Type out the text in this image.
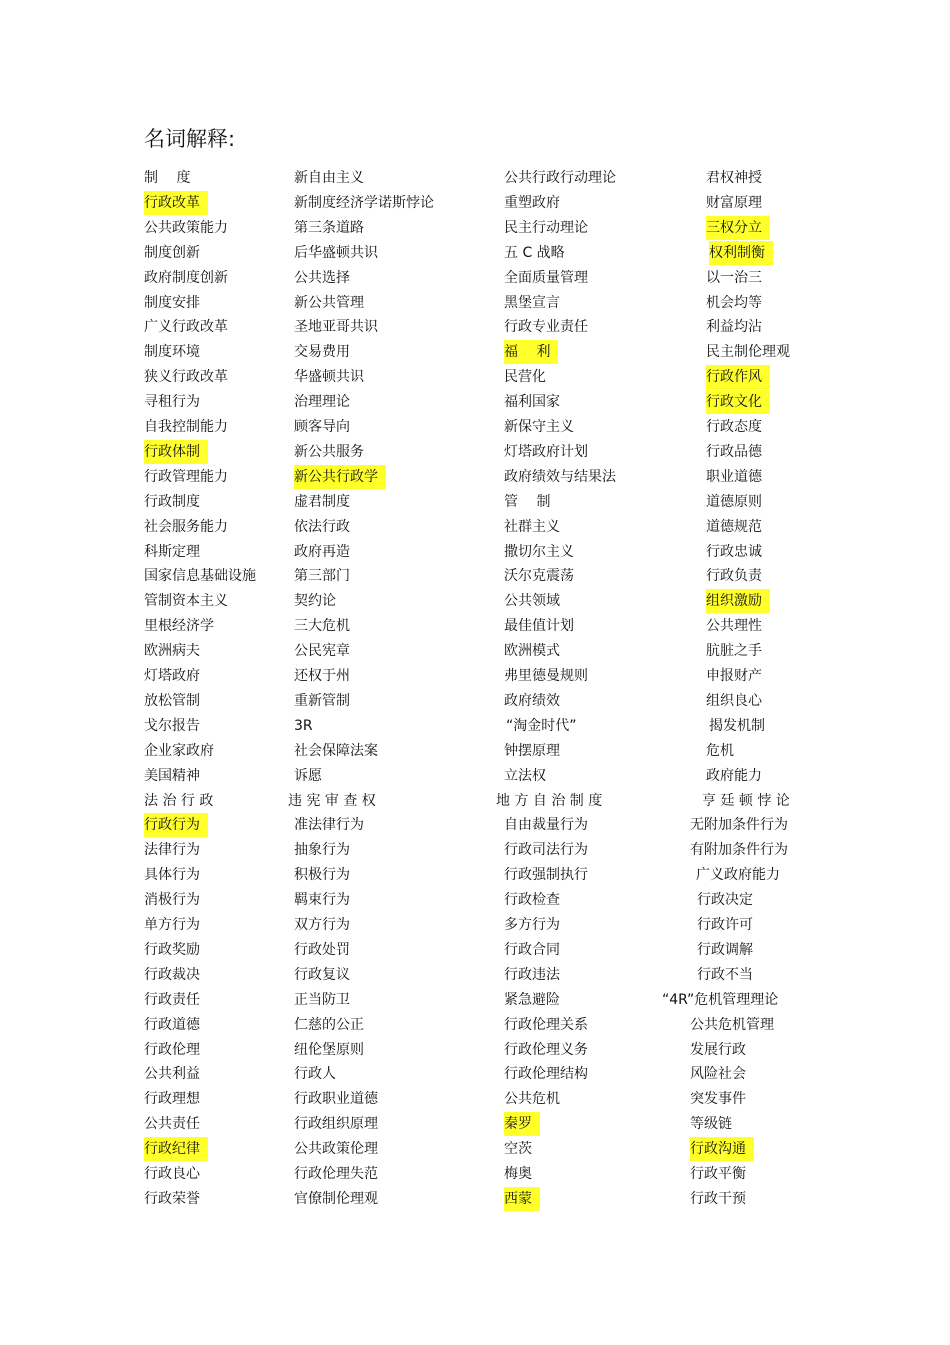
名词解释:
制　 度	新自由主义	公共行政行动理论	君权神授
行政改革	新制度经济学诺斯悖论	重塑政府	财富原理
公共政策能力	第三条道路	民主行动理论	三权分立
制度创新	后华盛顿共识	五 C 战略	权利制衡
政府制度创新	公共选择	全面质量管理	以一治三
制度安排	新公共管理	黑堡宣言	机会均等
广义行政改革	圣地亚哥共识	行政专业责任	利益均沾
制度环境	交易费用	福　 利	民主制伦理观
狭义行政改革	华盛顿共识	民营化	行政作风
寻租行为	治理理论	福利国家	行政文化
自我控制能力	顾客导向	新保守主义	行政态度
行政体制	新公共服务	灯塔政府计划	行政品德
行政管理能力	新公共行政学	政府绩效与结果法	职业道德
行政制度	虚君制度	管　 制	道德原则
社会服务能力	依法行政	社群主义	道德规范
科斯定理	政府再造	撒切尔主义	行政忠诚
国家信息基础设施	第三部门	沃尔克震荡	行政负责
管制资本主义	契约论	公共领域	组织激励
里根经济学	三大危机	最佳值计划	公共理性
欧洲病夫	公民宪章	欧洲模式	肮脏之手
灯塔政府	还权于州	弗里德曼规则	申报财产
放松管制	重新管制	政府绩效	组织良心
戈尔报告	3R	“淘金时代”	揭发机制
企业家政府	社会保障法案	钟摆原理	危机
美国精神	诉愿	立法权	政府能力
法 治 行 政	违 宪 审 查 权	地 方 自 治 制 度	亨 廷 顿 悖 论
行政行为	准法律行为	自由裁量行为	无附加条件行为
法律行为	抽象行为	行政司法行为	有附加条件行为
具体行为	积极行为	行政强制执行	广义政府能力
消极行为	羁束行为	行政检查	行政决定
单方行为	双方行为	多方行为	行政许可
行政奖励	行政处罚	行政合同	行政调解
行政裁决	行政复议	行政违法	行政不当
行政责任	正当防卫	紧急避险	“4R”危机管理理论
行政道德	仁慈的公正	行政伦理关系	公共危机管理
行政伦理	纽伦堡原则	行政伦理义务	发展行政
公共利益	行政人	行政伦理结构	风险社会
行政理想	行政职业道德	公共危机	突发事件
公共责任	行政组织原理	秦罗	等级链
行政纪律	公共政策伦理	空茨	行政沟通
行政良心	行政伦理失范	梅奥	行政平衡
行政荣誉	官僚制伦理观	西蒙	行政干预
